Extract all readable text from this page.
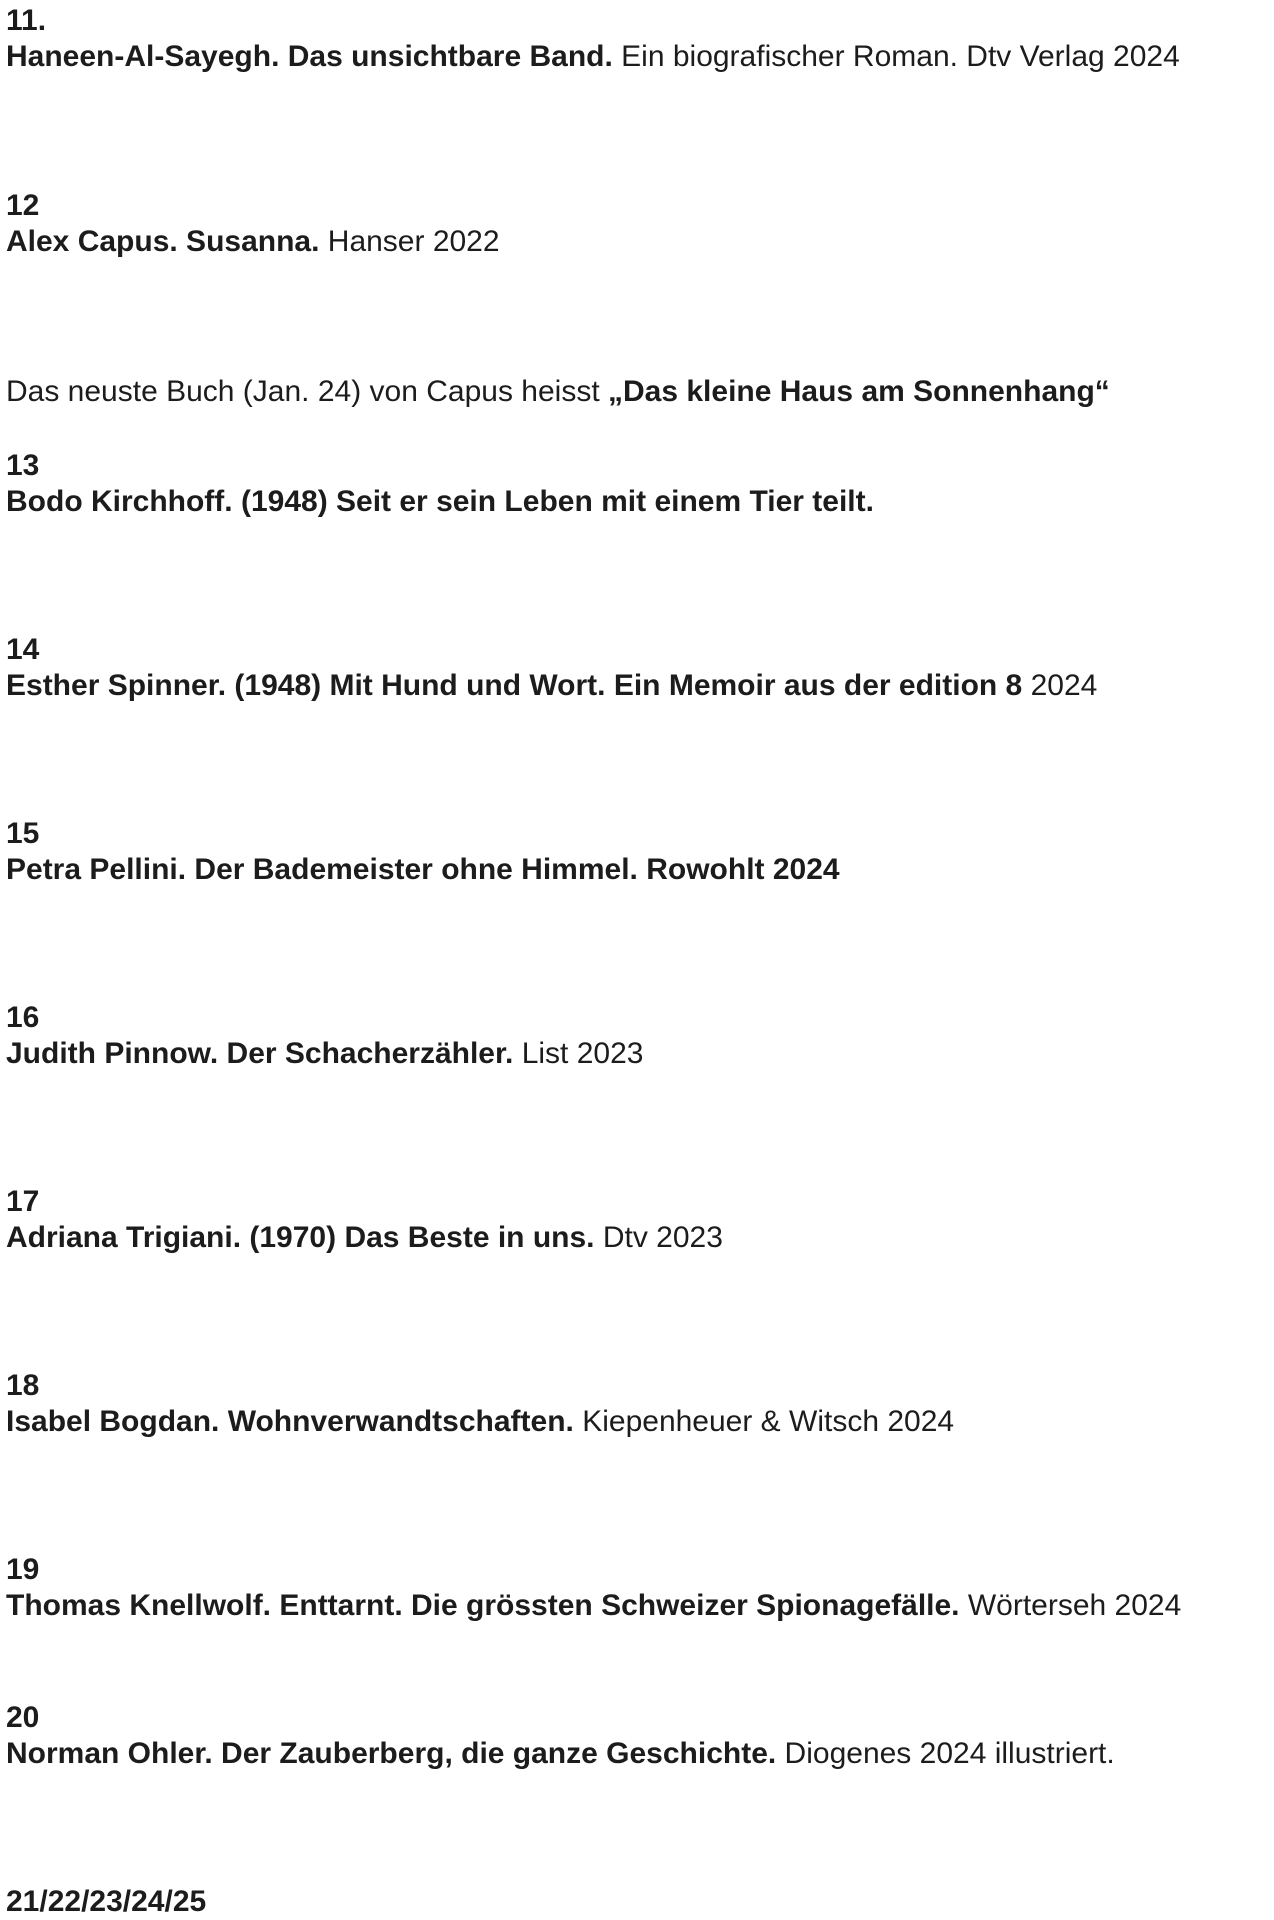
11.

Haneen-Al-Sayegh. Das unsichtbare Band. Ein biografischer Roman. Dtv Verlag 2024

12

Alex Capus. Susanna. Hanser 2022

Das neuste Buch (Jan. 24) von Capus heisst „Das kleine Haus am Sonnenhang“

13

Bodo Kirchhoff. (1948) Seit er sein Leben mit einem Tier teilt.

14

Esther Spinner. (1948) Mit Hund und Wort. Ein Memoir aus der edition 8 2024

15

Petra Pellini. Der Bademeister ohne Himmel. Rowohlt 2024

16

Judith Pinnow. Der Schacherzähler. List 2023

17

Adriana Trigiani. (1970) Das Beste in uns. Dtv 2023

18

Isabel Bogdan. Wohnverwandtschaften. Kiepenheuer & Witsch 2024

19

Thomas Knellwolf. Enttarnt. Die grössten Schweizer Spionagefälle. Wörterseh 2024

20

Norman Ohler. Der Zauberberg, die ganze Geschichte. Diogenes 2024 illustriert.

21/22/23/24/25
